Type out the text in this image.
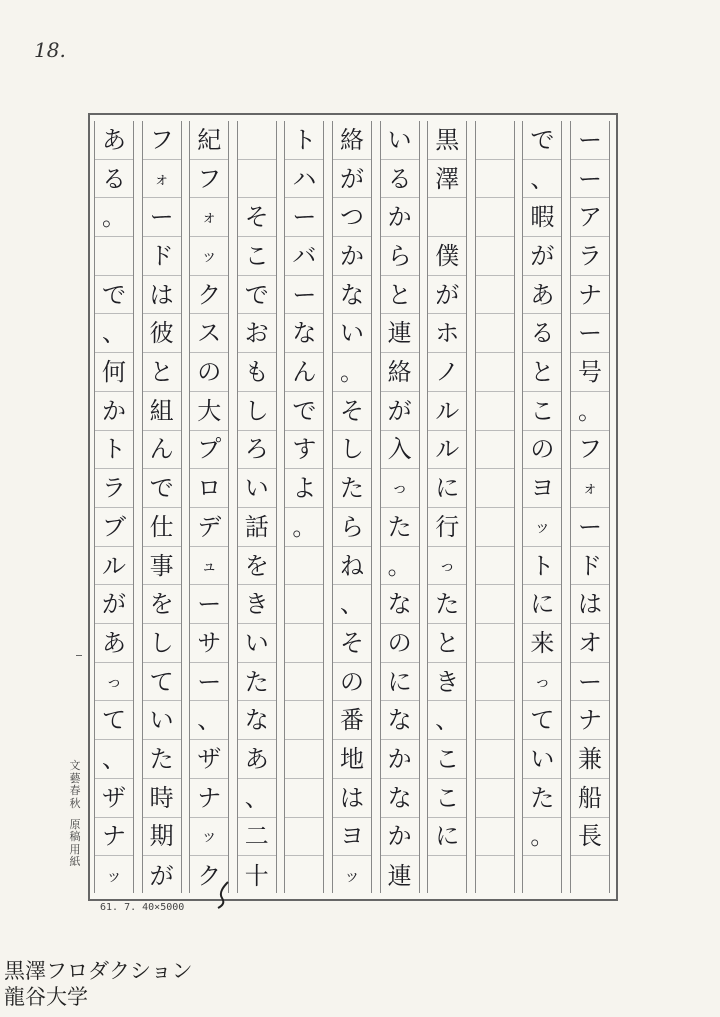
18.
ー
ー
ア
ラ
ナ
ー
号
。
フ
ォ
ー
ド
は
オ
ー
ナ
兼
船
長
で
、
暇
が
あ
る
と
こ
の
ヨ
ッ
ト
に
来
っ
て
い
た
。
黒
澤
僕
が
ホ
ノ
ル
ル
に
行
っ
た
と
き
、
こ
こ
に
い
る
か
ら
と
連
絡
が
入
っ
た
。
な
の
に
な
か
な
か
連
絡
が
つ
か
な
い
。
そ
し
た
ら
ね
、
そ
の
番
地
は
ヨ
ッ
ト
ハ
ー
バ
ー
な
ん
で
す
よ
。
そ
こ
で
お
も
し
ろ
い
話
を
き
い
た
な
あ
、
二
十
紀
フ
ォ
ッ
ク
ス
の
大
プ
ロ
デ
ュ
ー
サ
ー
、
ザ
ナ
ッ
ク
フ
ォ
ー
ド
は
彼
と
組
ん
で
仕
事
を
し
て
い
た
時
期
が
あ
る
。
で
、
何
か
ト
ラ
ブ
ル
が
あ
っ
て
、
ザ
ナ
ッ
文
藝
春
秋
原
稿
用
紙
61. 7. 40×5000
黒澤フロダクション
龍谷大学
